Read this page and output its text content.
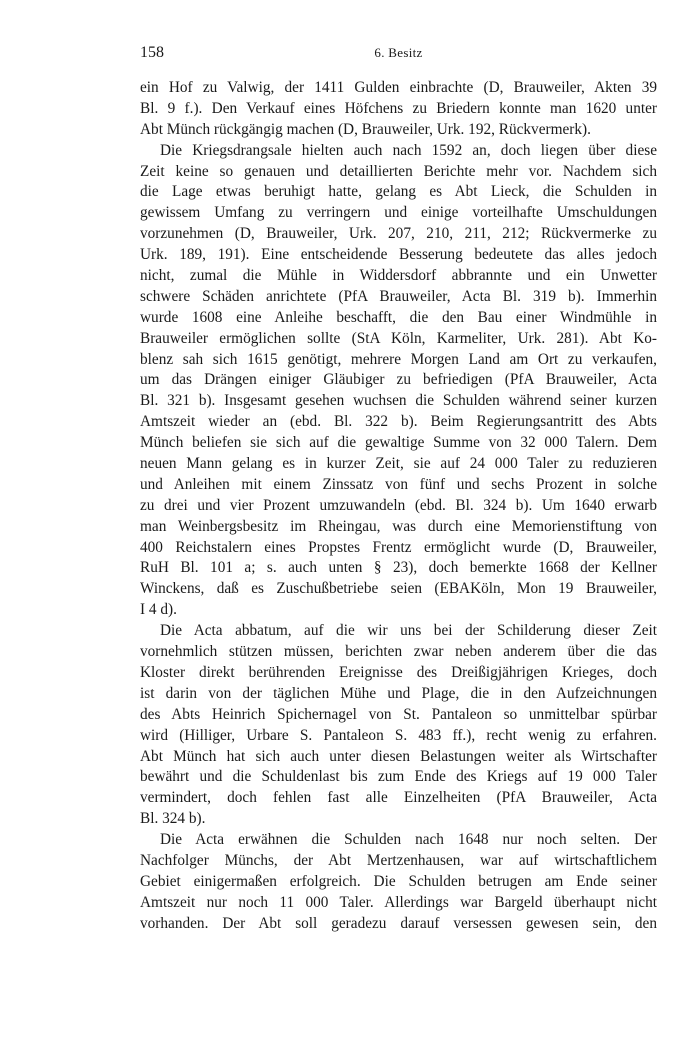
158	6. Besitz
ein Hof zu Valwig, der 1411 Gulden einbrachte (D, Brauweiler, Akten 39
Bl. 9 f.). Den Verkauf eines Höfchens zu Briedern konnte man 1620 unter
Abt Münch rückgängig machen (D, Brauweiler, Urk. 192, Rückvermerk).
Die Kriegsdrangsale hielten auch nach 1592 an, doch liegen über diese
Zeit keine so genauen und detaillierten Berichte mehr vor. Nachdem sich
die Lage etwas beruhigt hatte, gelang es Abt Lieck, die Schulden in
gewissem Umfang zu verringern und einige vorteilhafte Umschuldungen
vorzunehmen (D, Brauweiler, Urk. 207, 210, 211, 212; Rückvermerke zu
Urk. 189, 191). Eine entscheidende Besserung bedeutete das alles jedoch
nicht, zumal die Mühle in Widdersdorf abbrannte und ein Unwetter
schwere Schäden anrichtete (PfA Brauweiler, Acta Bl. 319 b). Immerhin
wurde 1608 eine Anleihe beschafft, die den Bau einer Windmühle in
Brauweiler ermöglichen sollte (StA Köln, Karmeliter, Urk. 281). Abt Ko-
blenz sah sich 1615 genötigt, mehrere Morgen Land am Ort zu verkaufen,
um das Drängen einiger Gläubiger zu befriedigen (PfA Brauweiler, Acta
Bl. 321 b). Insgesamt gesehen wuchsen die Schulden während seiner kurzen
Amtszeit wieder an (ebd. Bl. 322 b). Beim Regierungsantritt des Abts
Münch beliefen sie sich auf die gewaltige Summe von 32 000 Talern. Dem
neuen Mann gelang es in kurzer Zeit, sie auf 24 000 Taler zu reduzieren
und Anleihen mit einem Zinssatz von fünf und sechs Prozent in solche
zu drei und vier Prozent umzuwandeln (ebd. Bl. 324 b). Um 1640 erwarb
man Weinbergsbesitz im Rheingau, was durch eine Memorienstiftung von
400 Reichstalern eines Propstes Frentz ermöglicht wurde (D, Brauweiler,
RuH Bl. 101 a; s. auch unten § 23), doch bemerkte 1668 der Kellner
Winckens, daß es Zuschußbetriebe seien (EBAKöln, Mon 19 Brauweiler,
I 4 d).
Die Acta abbatum, auf die wir uns bei der Schilderung dieser Zeit
vornehmlich stützen müssen, berichten zwar neben anderem über die das
Kloster direkt berührenden Ereignisse des Dreißigjährigen Krieges, doch
ist darin von der täglichen Mühe und Plage, die in den Aufzeichnungen
des Abts Heinrich Spichernagel von St. Pantaleon so unmittelbar spürbar
wird (Hilliger, Urbare S. Pantaleon S. 483 ff.), recht wenig zu erfahren.
Abt Münch hat sich auch unter diesen Belastungen weiter als Wirtschafter
bewährt und die Schuldenlast bis zum Ende des Kriegs auf 19 000 Taler
vermindert, doch fehlen fast alle Einzelheiten (PfA Brauweiler, Acta
Bl. 324 b).
Die Acta erwähnen die Schulden nach 1648 nur noch selten. Der
Nachfolger Münchs, der Abt Mertzenhausen, war auf wirtschaftlichem
Gebiet einigermaßen erfolgreich. Die Schulden betrugen am Ende seiner
Amtszeit nur noch 11 000 Taler. Allerdings war Bargeld überhaupt nicht
vorhanden. Der Abt soll geradezu darauf versessen gewesen sein, den
